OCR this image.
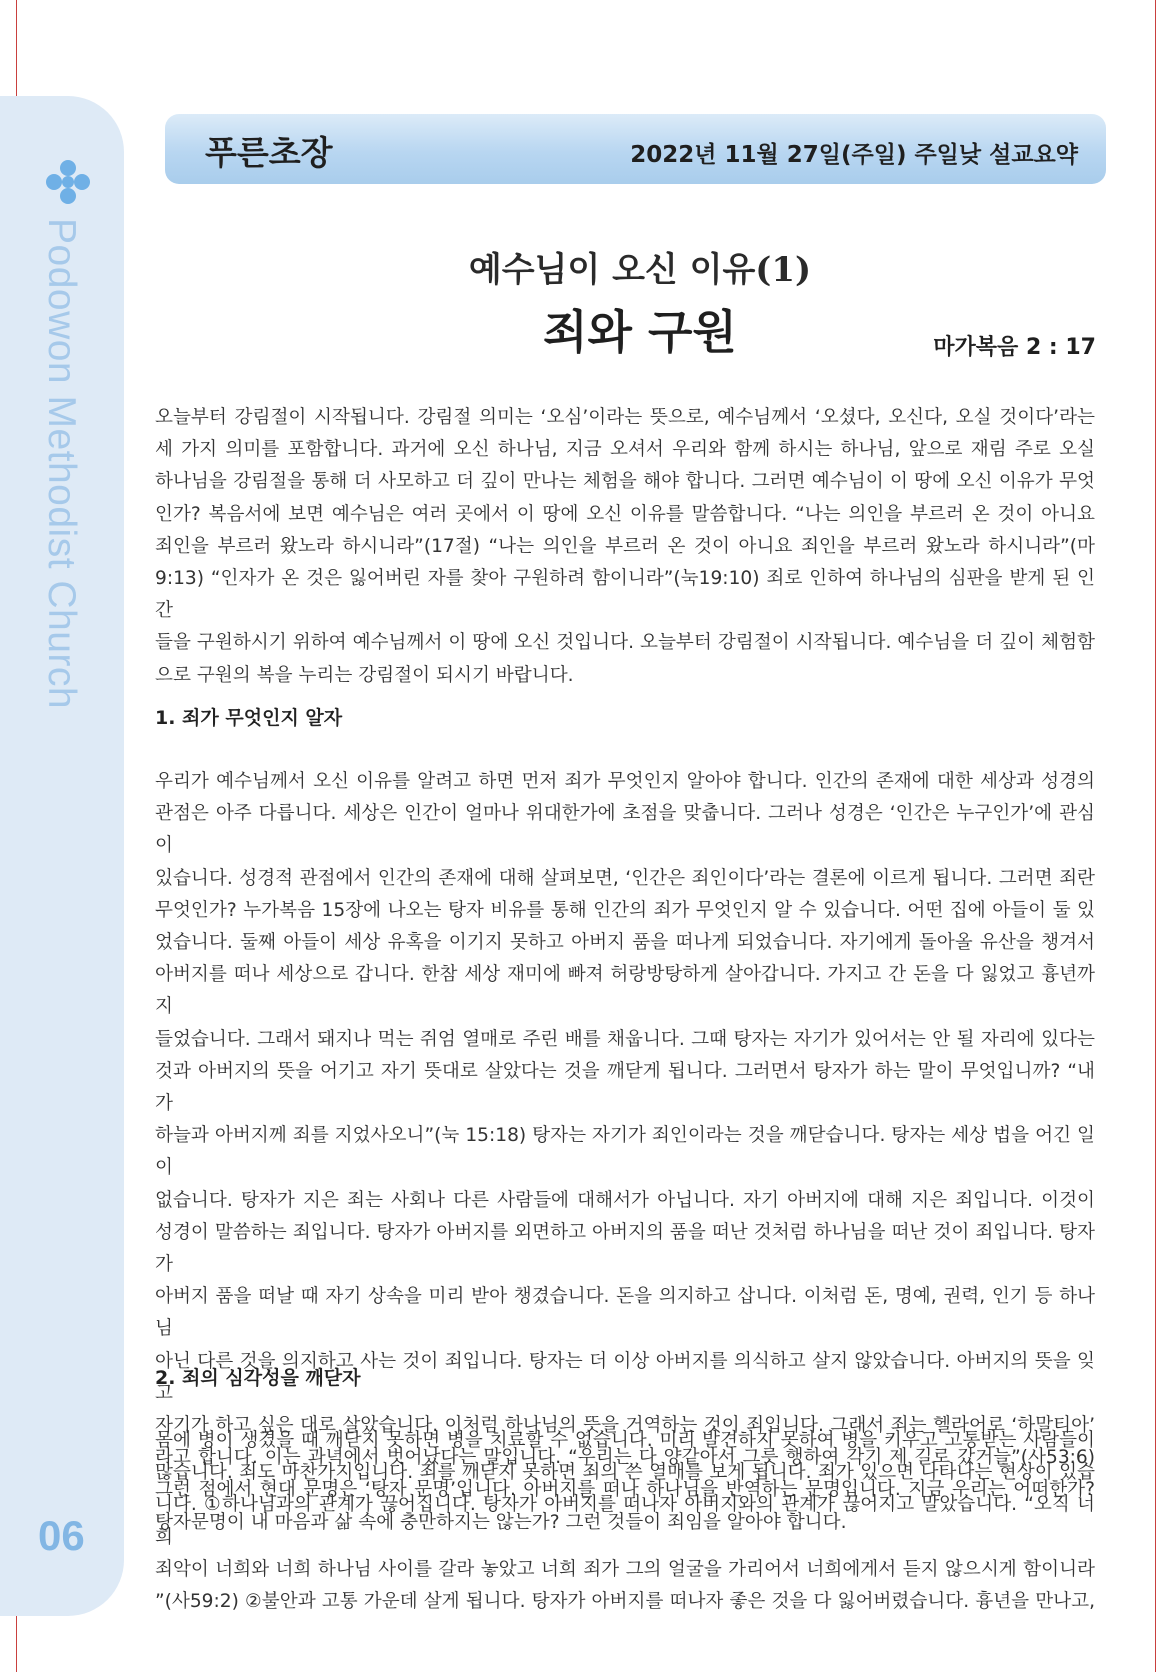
Podowon Methodist Church
06
푸른초장	2022년 11월 27일(주일) 주일낮 설교요약
예수님이 오신 이유(1)
죄와 구원	마가복음 2 : 17

오늘부터 강림절이 시작됩니다. 강림절 의미는 ‘오심’이라는 뜻으로, 예수님께서 ‘오셨다, 오신다, 오실 것이다’라는

세 가지 의미를 포함합니다. 과거에 오신 하나님, 지금 오셔서 우리와 함께 하시는 하나님, 앞으로 재림 주로 오실

하나님을 강림절을 통해 더 사모하고 더 깊이 만나는 체험을 해야 합니다. 그러면 예수님이 이 땅에 오신 이유가 무엇

인가? 복음서에 보면 예수님은 여러 곳에서 이 땅에 오신 이유를 말씀합니다. “나는 의인을 부르러 온 것이 아니요

죄인을 부르러 왔노라 하시니라”(17절) “나는 의인을 부르러 온 것이 아니요 죄인을 부르러 왔노라 하시니라”(마

9:13) “인자가 온 것은 잃어버린 자를 찾아 구원하려 함이니라”(눅19:10) 죄로 인하여 하나님의 심판을 받게 된 인간

들을 구원하시기 위하여 예수님께서 이 땅에 오신 것입니다. 오늘부터 강림절이 시작됩니다. 예수님을 더 깊이 체험함

으로 구원의 복을 누리는 강림절이 되시기 바랍니다.

1. 죄가 무엇인지 알자

우리가 예수님께서 오신 이유를 알려고 하면 먼저 죄가 무엇인지 알아야 합니다. 인간의 존재에 대한 세상과 성경의

관점은 아주 다릅니다. 세상은 인간이 얼마나 위대한가에 초점을 맞춥니다. 그러나 성경은 ‘인간은 누구인가’에 관심이

있습니다. 성경적 관점에서 인간의 존재에 대해 살펴보면, ‘인간은 죄인이다’라는 결론에 이르게 됩니다. 그러면 죄란

무엇인가? 누가복음 15장에 나오는 탕자 비유를 통해 인간의 죄가 무엇인지 알 수 있습니다. 어떤 집에 아들이 둘 있

었습니다. 둘째 아들이 세상 유혹을 이기지 못하고 아버지 품을 떠나게 되었습니다. 자기에게 돌아올 유산을 챙겨서

아버지를 떠나 세상으로 갑니다. 한참 세상 재미에 빠져 허랑방탕하게 살아갑니다. 가지고 간 돈을 다 잃었고 흉년까지

들었습니다. 그래서 돼지나 먹는 쥐엄 열매로 주린 배를 채웁니다. 그때 탕자는 자기가 있어서는 안 될 자리에 있다는

것과 아버지의 뜻을 어기고 자기 뜻대로 살았다는 것을 깨닫게 됩니다. 그러면서 탕자가 하는 말이 무엇입니까? “내가

하늘과 아버지께 죄를 지었사오니”(눅 15:18) 탕자는 자기가 죄인이라는 것을 깨닫습니다. 탕자는 세상 법을 어긴 일이

없습니다. 탕자가 지은 죄는 사회나 다른 사람들에 대해서가 아닙니다. 자기 아버지에 대해 지은 죄입니다. 이것이

성경이 말씀하는 죄입니다. 탕자가 아버지를 외면하고 아버지의 품을 떠난 것처럼 하나님을 떠난 것이 죄입니다. 탕자가

아버지 품을 떠날 때 자기 상속을 미리 받아 챙겼습니다. 돈을 의지하고 삽니다. 이처럼 돈, 명예, 권력, 인기 등 하나님

아닌 다른 것을 의지하고 사는 것이 죄입니다. 탕자는 더 이상 아버지를 의식하고 살지 않았습니다. 아버지의 뜻을 잊고

자기가 하고 싶은 대로 살았습니다. 이처럼 하나님의 뜻을 거역하는 것이 죄입니다. 그래서 죄는 헬라어로 ‘하말티아’

라고 합니다. 이는 과녁에서 벗어났다는 말입니다. “우리는 다 양같아서 그릇 행하여 각기 제 길로 갔거늘”(사53:6)

그런 점에서 현대 문명은 ‘탕자 문명’입니다. 아버지를 떠나 하나님을 반역하는 문명입니다. 지금 우리는 어떠한가?

탕자문명이 내 마음과 삶 속에 충만하지는 않는가? 그런 것들이 죄임을 알아야 합니다.

2. 죄의 심각성을 깨닫자

몸에 병이 생겼을 때 깨닫지 못하면 병을 치료할 수 없습니다. 미리 발견하지 못하여 병을 키우고 고통받는 사람들이

많습니다. 죄도 마찬가지입니다. 죄를 깨닫지 못하면 죄의 쓴 열매를 보게 됩니다. 죄가 있으면 나타나는 현상이 있습

니다. ①하나님과의 관계가 끊어집니다. 탕자가 아버지를 떠나자 아버지와의 관계가 끊어지고 말았습니다. “오직 너희

죄악이 너희와 너희 하나님 사이를 갈라 놓았고 너희 죄가 그의 얼굴을 가리어서 너희에게서 듣지 않으시게 함이니라

”(사59:2) ②불안과 고통 가운데 살게 됩니다. 탕자가 아버지를 떠나자 좋은 것을 다 잃어버렸습니다. 흉년을 만나고,
